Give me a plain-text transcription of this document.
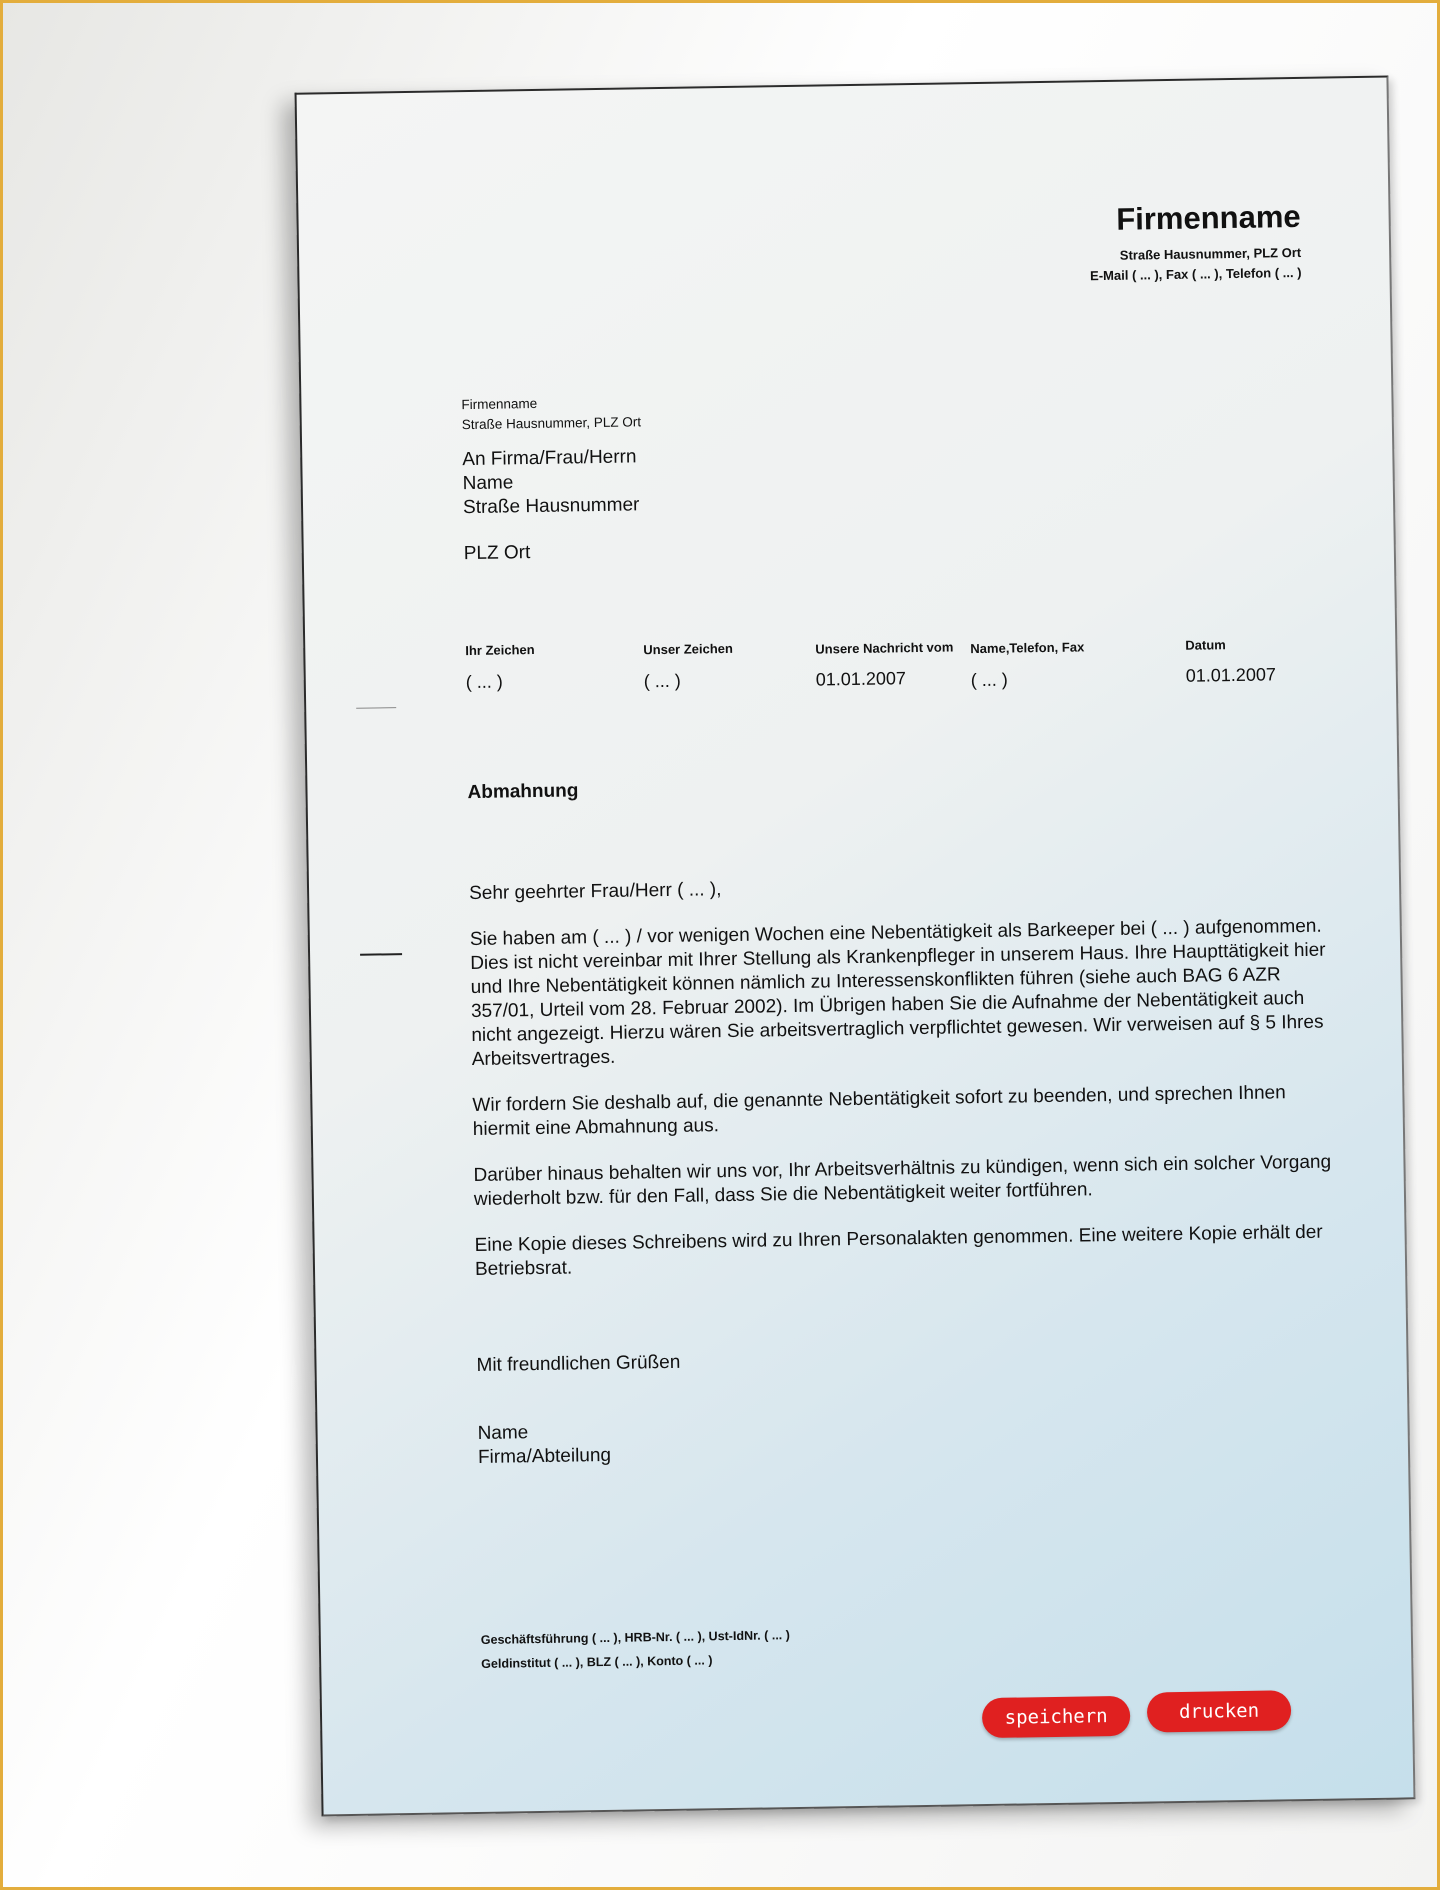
Firmenname
Straße Hausnummer, PLZ Ort
E-Mail ( ... ), Fax ( ... ), Telefon ( ... )
Firmenname
Straße Hausnummer, PLZ Ort
An Firma/Frau/Herrn
Name
Straße Hausnummer
PLZ Ort
Ihr Zeichen
( ... )
Unser Zeichen
( ... )
Unsere Nachricht vom
01.01.2007
Name,Telefon, Fax
( ... )
Datum
01.01.2007
Abmahnung
Sehr geehrter Frau/Herr ( ... ),
Sie haben am ( ... ) / vor wenigen Wochen eine Nebentätigkeit als Barkeeper bei ( ... ) aufgenommen. Dies ist nicht vereinbar mit Ihrer Stellung als Krankenpfleger in unserem Haus. Ihre Haupttätigkeit hier und Ihre Nebentätigkeit können nämlich zu Interessenskonflikten führen (siehe auch BAG 6 AZR 357/01, Urteil vom 28. Februar 2002). Im Übrigen haben Sie die Aufnahme der Nebentätigkeit auch nicht angezeigt. Hierzu wären Sie arbeitsvertraglich verpflichtet gewesen. Wir verweisen auf § 5 Ihres Arbeitsvertrages.
Wir fordern Sie deshalb auf, die genannte Nebentätigkeit sofort zu beenden, und sprechen Ihnen hiermit eine Abmahnung aus.
Darüber hinaus behalten wir uns vor, Ihr Arbeitsverhältnis zu kündigen, wenn sich ein solcher Vorgang wiederholt bzw. für den Fall, dass Sie die Nebentätigkeit weiter fortführen.
Eine Kopie dieses Schreibens wird zu Ihren Personalakten genommen. Eine weitere Kopie erhält der Betriebsrat.
Mit freundlichen Grüßen
Name
Firma/Abteilung
Geschäftsführung ( ... ), HRB-Nr. ( ... ), Ust-IdNr. ( ... )
Geldinstitut ( ... ), BLZ ( ... ), Konto ( ... )
speichern	drucken
